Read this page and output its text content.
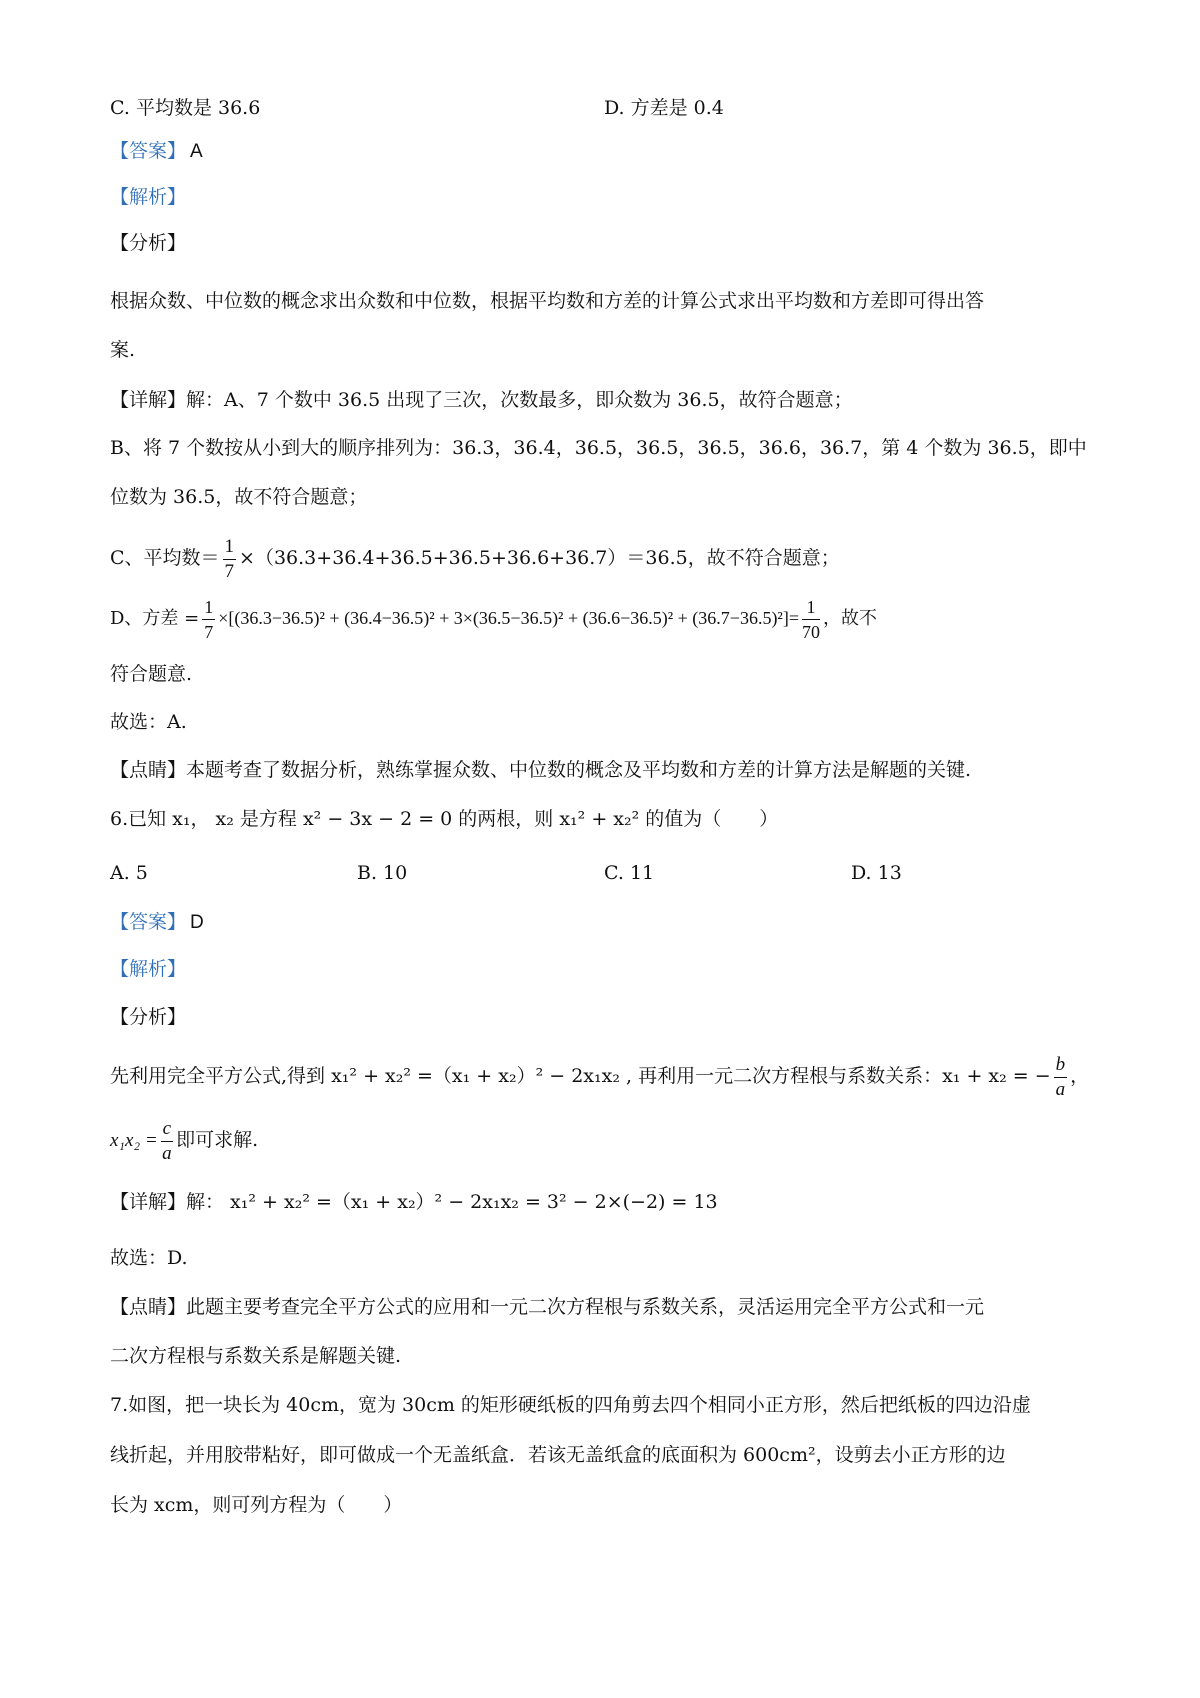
C. 平均数是 36.6	D. 方差是 0.4
【答案】 A
【解析】
【分析】
根据众数、中位数的概念求出众数和中位数，根据平均数和方差的计算公式求出平均数和方差即可得出答
案.
【详解】解：A、7 个数中 36.5 出现了三次，次数最多，即众数为 36.5，故符合题意；
B、将 7 个数按从小到大的顺序排列为：36.3，36.4，36.5，36.5，36.5，36.6，36.7，第 4 个数为 36.5，即中
位数为 36.5，故不符合题意；
C、平均数＝ $\frac{1}{7} \times(36.3+36.4+36.5+36.5+36.6+36.7)=36.5$，故不符合题意；
D、方差 = $\frac{1}{7} \times[(36.3-36.5)^2 + (36.4-36.5)^2 + 3\times(36.5-36.5)^2 + (36.6-36.5)^2 + (36.7-36.5)^2]= \frac{1}{70}$ ，故不
符合题意.
故选：A.
【点睛】本题考查了数据分析，熟练掌握众数、中位数的概念及平均数和方差的计算方法是解题的关键.
6.已知 x₁， x₂ 是方程 x² − 3x − 2 = 0 的两根，则 x₁² + x₂² 的值为（　　）
A. 5	B. 10	C. 11	D. 13
【答案】 D
【解析】
【分析】
先利用完全平方公式,得到 x₁² + x₂² =（x₁ + x₂）² − 2x₁x₂ , 再利用一元二次方程根与系数关系：x₁ + x₂ = − $\frac{b}{a}$ ，
$x_1x_2 = \frac{c}{a}$ 即可求解.
【详解】解： x₁² + x₂² =（x₁ + x₂）² − 2x₁x₂ = 3² − 2×(−2) = 13
故选：D.
【点睛】此题主要考查完全平方公式的应用和一元二次方程根与系数关系，灵活运用完全平方公式和一元
二次方程根与系数关系是解题关键.
7.如图，把一块长为 40cm，宽为 30cm 的矩形硬纸板的四角剪去四个相同小正方形，然后把纸板的四边沿虚
线折起，并用胶带粘好，即可做成一个无盖纸盒．若该无盖纸盒的底面积为 600cm²，设剪去小正方形的边
长为 xcm，则可列方程为（　　）
